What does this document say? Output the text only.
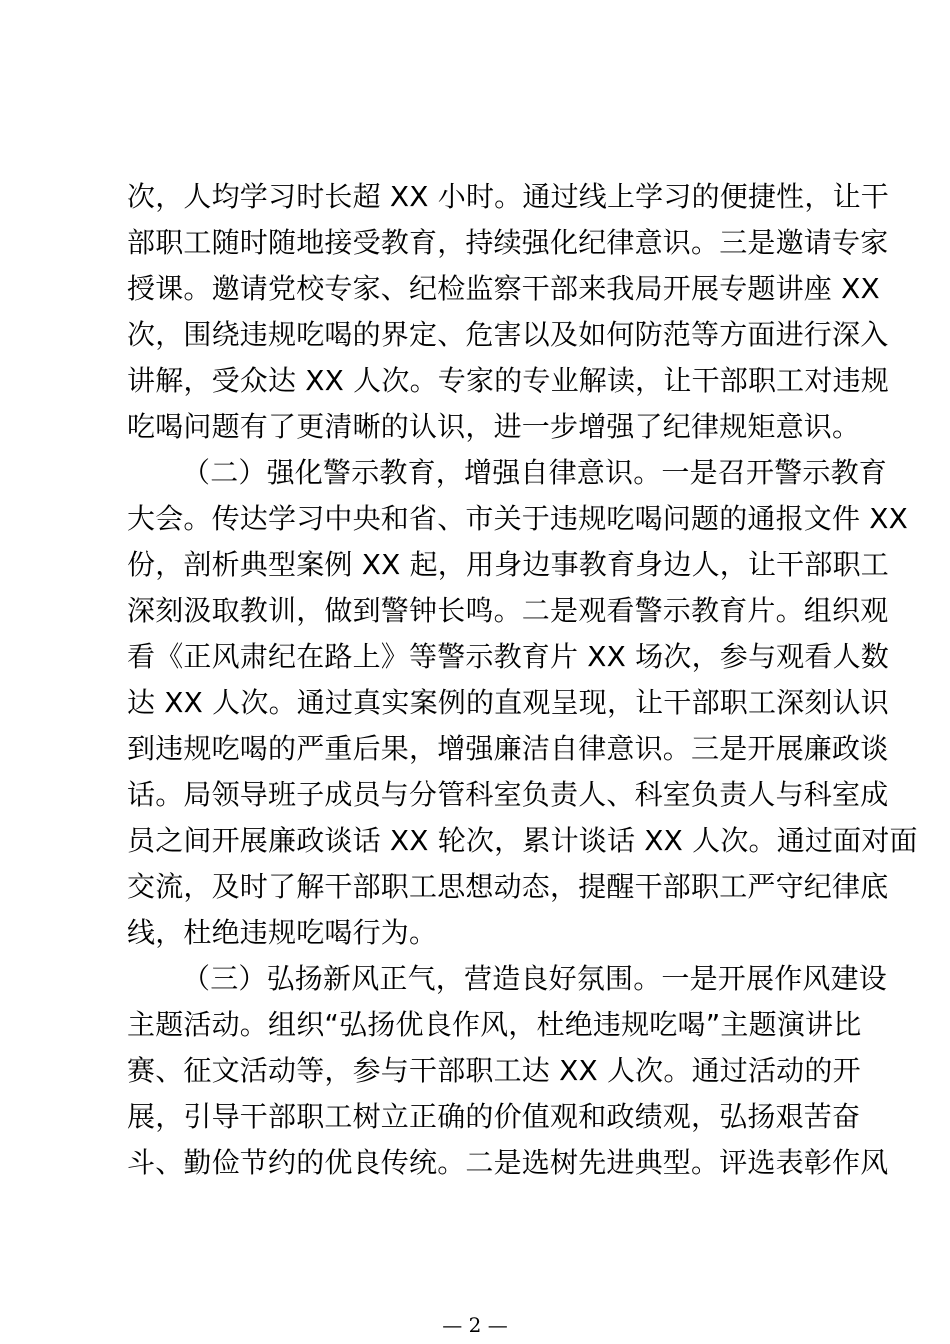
次，人均学习时长超 XX 小时。通过线上学习的便捷性，让干
部职工随时随地接受教育，持续强化纪律意识。三是邀请专家
授课。邀请党校专家、纪检监察干部来我局开展专题讲座 XX
次，围绕违规吃喝的界定、危害以及如何防范等方面进行深入
讲解，受众达 XX 人次。专家的专业解读，让干部职工对违规
吃喝问题有了更清晰的认识，进一步增强了纪律规矩意识。
（二）强化警示教育，增强自律意识。一是召开警示教育
大会。传达学习中央和省、市关于违规吃喝问题的通报文件 XX
份，剖析典型案例 XX 起，用身边事教育身边人，让干部职工
深刻汲取教训，做到警钟长鸣。二是观看警示教育片。组织观
看《正风肃纪在路上》等警示教育片 XX 场次，参与观看人数
达 XX 人次。通过真实案例的直观呈现，让干部职工深刻认识
到违规吃喝的严重后果，增强廉洁自律意识。三是开展廉政谈
话。局领导班子成员与分管科室负责人、科室负责人与科室成
员之间开展廉政谈话 XX 轮次，累计谈话 XX 人次。通过面对面
交流，及时了解干部职工思想动态，提醒干部职工严守纪律底
线，杜绝违规吃喝行为。
（三）弘扬新风正气，营造良好氛围。一是开展作风建设
主题活动。组织“弘扬优良作风，杜绝违规吃喝”主题演讲比
赛、征文活动等，参与干部职工达 XX 人次。通过活动的开
展，引导干部职工树立正确的价值观和政绩观，弘扬艰苦奋
斗、勤俭节约的优良传统。二是选树先进典型。评选表彰作风
— 2 —
